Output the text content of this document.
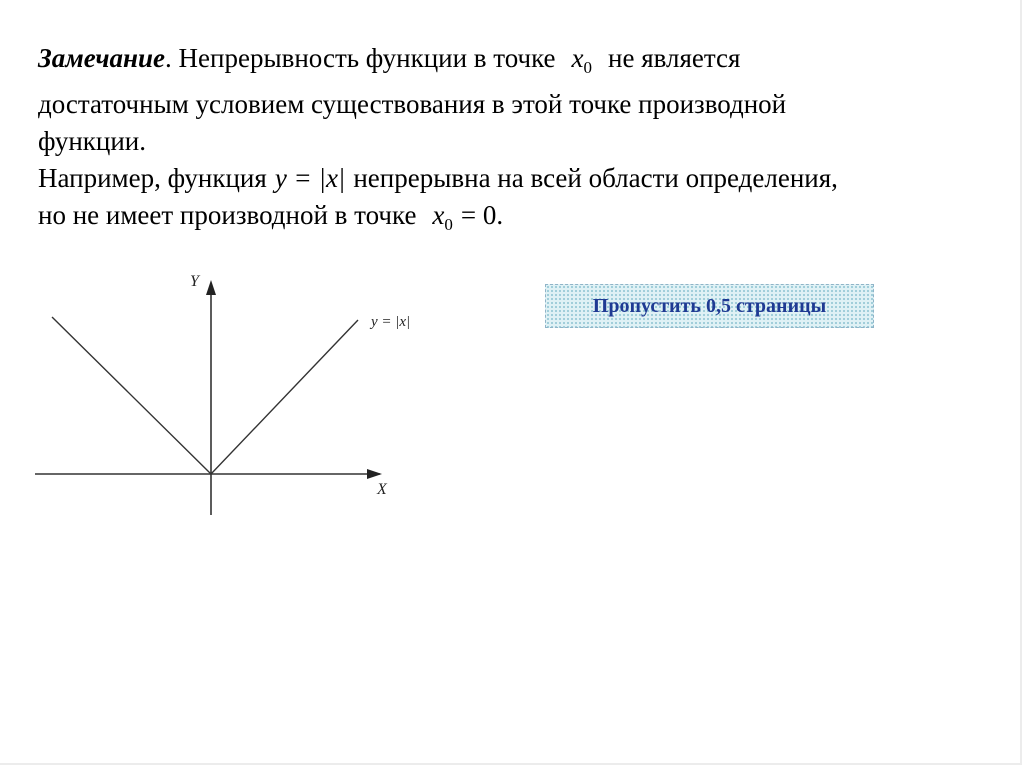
Замечание. Непрерывность функции в точке $x_0$ не является
достаточным условием существования в этой точке производной
функции.

Например, функция y = |x| непрерывна на всей области определения,
но не имеет производной в точке $x_0 = 0$.

Y
X
y = |x|
Пропустить 0,5 страницы
